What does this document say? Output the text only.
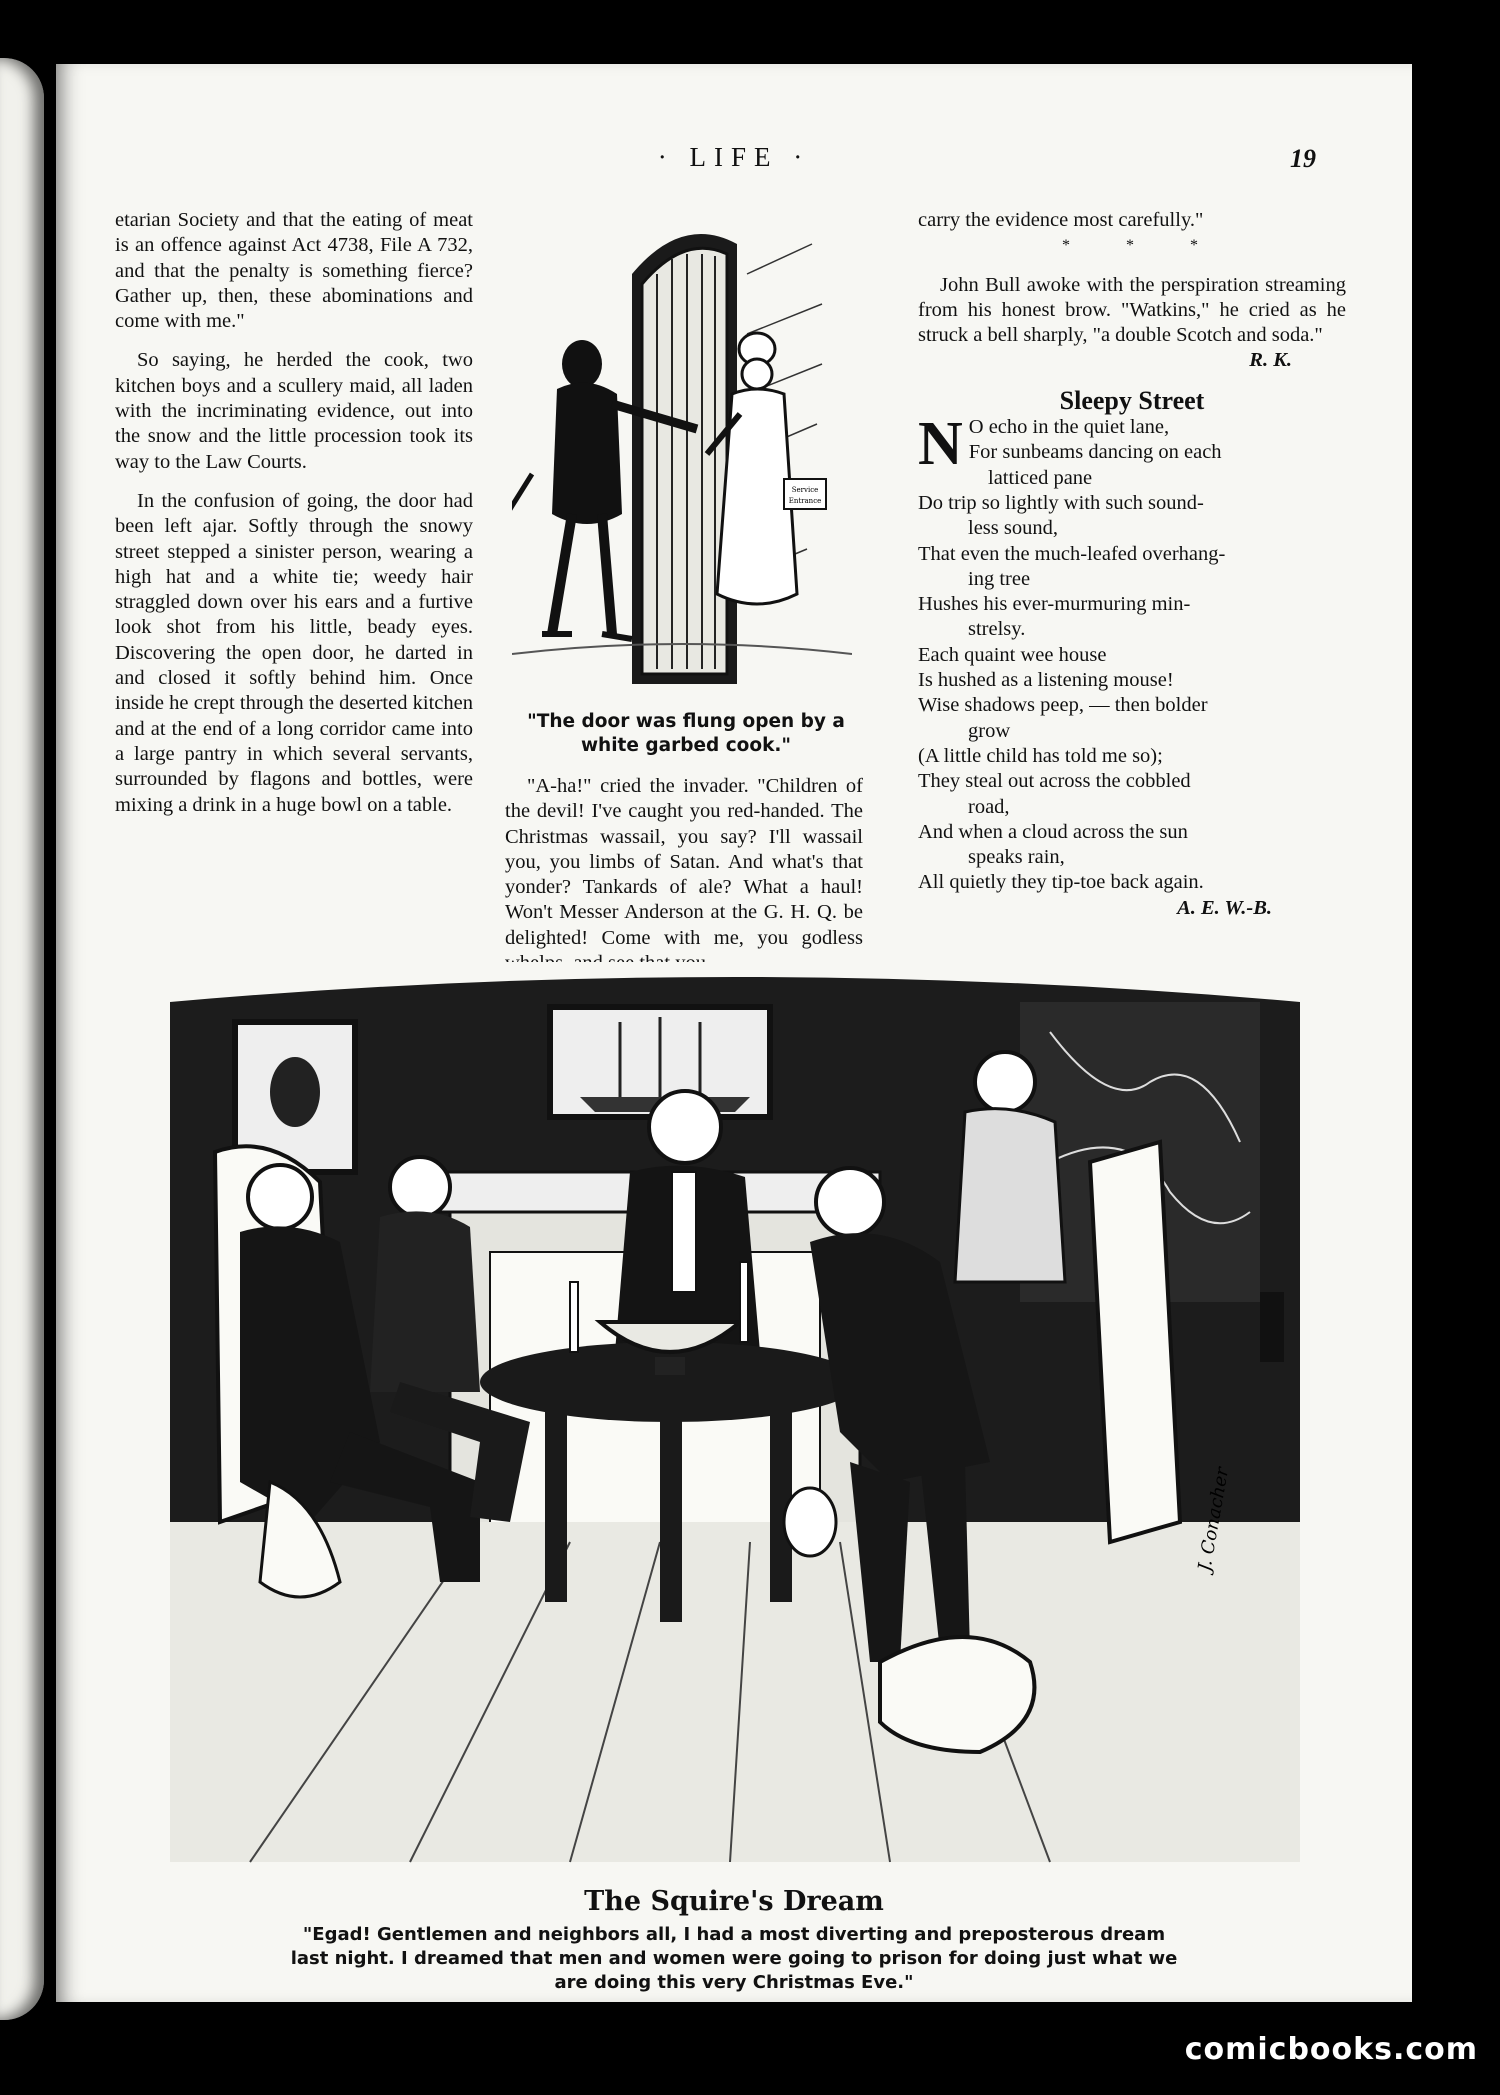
· LIFE ·	19

etarian Society and that the eating of meat is an offence against Act 4738, File A 732, and that the penalty is something fierce? Gather up, then, these abominations and come with me."

So saying, he herded the cook, two kitchen boys and a scullery maid, all laden with the incriminating evidence, out into the snow and the little procession took its way to the Law Courts.

In the confusion of going, the door had been left ajar. Softly through the snowy street stepped a sinister person, wearing a high hat and a white tie; weedy hair straggled down over his ears and a furtive look shot from his little, beady eyes. Discovering the open door, he darted in and closed it softly behind him. Once inside he crept through the deserted kitchen and at the end of a long corridor came into a large pantry in which several servants, surrounded by flagons and bottles, were mixing a drink in a huge bowl on a table.

Service
Entrance
"The door was flung open by a white garbed cook."

"A-ha!" cried the invader. "Children of the devil! I've caught you red-handed. The Christmas wassail, you say? I'll wassail you, you limbs of Satan. And what's that yonder? Tankards of ale? What a haul! Won't Messer Anderson at the G. H. Q. be delighted! Come with me, you godless

carry the evidence most carefully."

* * *

John Bull awoke with the perspiration streaming from his honest brow. "Watkins," he cried as he struck a bell sharply, "a double Scotch and soda."

R. K.
Sleepy Street
N O echo in the quiet lane,
For sunbeams dancing on each
latticed pane
Do trip so lightly with such sound-
less sound,
That even the much-leafed overhang-
ing tree
Hushes his ever-murmuring min-
strelsy.
Each quaint wee house
Is hushed as a listening mouse!
Wise shadows peep, — then bolder
grow
(A little child has told me so);
They steal out across the cobbled
road,
And when a cloud across the sun
speaks rain,
All quietly they tip-toe back again.
A. E. W.-B.
J. Conacher
The Squire's Dream
"Egad! Gentlemen and neighbors all, I had a most diverting and preposterous dream last night. I dreamed that men and women were going to prison for doing just what we are doing this very Christmas Eve."
comicbooks.com
